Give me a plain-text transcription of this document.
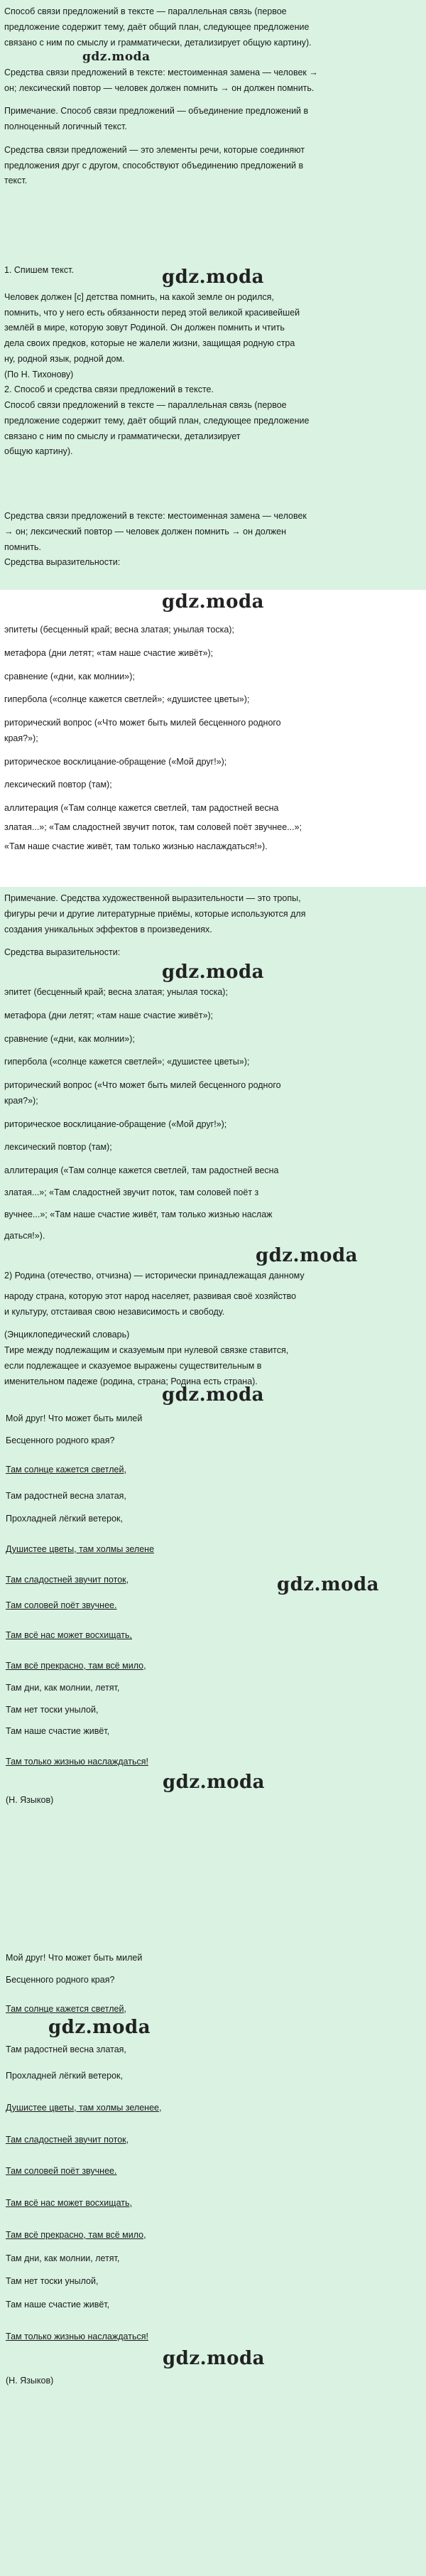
Способ связи предложений в тексте — параллельная связь (первое
предложение содержит тему, даёт общий план, следующее предложение
связано с ним по смыслу и грамматически, детализирует общую картину).
gdz.moda
Средства связи предложений в тексте: местоименная замена — человек →
он; лексический повтор — человек должен помнить → он должен помнить.
Примечание. Способ связи предложений — объединение предложений в
полноценный логичный текст.
Средства связи предложений — это элементы речи, которые соединяют
предложения друг с другом, способствуют объединению предложений в
текст.
1. Спишем текст.	gdz.moda
Человек должен [с] детства помнить, на какой земле он родился,
помнить, что у него есть обязанности перед этой великой красивейшей
землёй в мире, которую зовут Родиной. Он должен помнить и чтить
дела своих предков, которые не жалели жизни, защищая родную стра
ну, родной язык, родной дом.
(По Н. Тихонову)
2. Способ и средства связи предложений в тексте.
Способ связи предложений в тексте — параллельная связь (первое
предложение содержит тему, даёт общий план, следующее предложение
связано с ним по смыслу и грамматически, детализирует
общую картину).
Средства связи предложений в тексте: местоименная замена — человек
→ он; лексический повтор — человек должен помнить → он должен
помнить.
Средства выразительности:
gdz.moda
эпитеты (бесценный край; весна златая; унылая тоска);
метафора (дни летят; «там наше счастие живёт»);
сравнение («дни, как молнии»);
гипербола («солнце кажется светлей»; «душистее цветы»);
риторический вопрос («Что может быть милей бесценного родного
края?»);
риторическое восклицание-обращение («Мой друг!»);
лексический повтор (там);
аллитерация («Там солнце кажется светлей, там радостней весна
златая...»; «Там сладостней звучит поток, там соловей поёт звучнее...»;
«Там наше счастие живёт, там только жизнью наслаждаться!»).
Примечание. Средства художественной выразительности — это тропы,
фигуры речи и другие литературные приёмы, которые используются для
создания уникальных эффектов в произведениях.
Средства выразительности:
gdz.moda
эпитет (бесценный край; весна златая; унылая тоска);
метафора (дни летят; «там наше счастие живёт»);
сравнение («дни, как молнии»);
гипербола («солнце кажется светлей»; «душистее цветы»);
риторический вопрос («Что может быть милей бесценного родного
края?»);
риторическое восклицание-обращение («Мой друг!»);
лексический повтор (там);
аллитерация («Там солнце кажется светлей, там радостней весна
златая...»; «Там сладостней звучит поток, там соловей поёт з
вучнее...»; «Там наше счастие живёт, там только жизнью наслаж
даться!»).
gdz.moda
2) Родина (отечество, отчизна) — исторически принадлежащая данному
народу страна, которую этот народ населяет, развивая своё хозяйство
и культуру, отстаивая свою независимость и свободу.
(Энциклопедический словарь)
Тире между подлежащим и сказуемым при нулевой связке ставится,
если подлежащее и сказуемое выражены существительным в
именительном падеже (родина, страна; Родина есть страна).
gdz.moda
Мой друг! Что может быть милей
Бесценного родного края?
Там солнце кажется светлей,
Там радостней весна златая,
Прохладней лёгкий ветерок,
Душистее цветы, там холмы зелене
Там сладостней звучит поток,	gdz.moda
Там соловей поёт звучнее.
Там всё нас может восхищать,
Там всё прекрасно, там всё мило,
Там дни, как молнии, летят,
Там нет тоски унылой,
Там наше счастие живёт,
Там только жизнью наслаждаться!
gdz.moda
(Н. Языков)
Мой друг! Что может быть милей
Бесценного родного края?
Там солнце кажется светлей,
gdz.moda
Там радостней весна златая,
Прохладней лёгкий ветерок,
Душистее цветы, там холмы зеленее,
Там сладостней звучит поток,
Там соловей поёт звучнее.
Там всё нас может восхищать,
Там всё прекрасно, там всё мило,
Там дни, как молнии, летят,
Там нет тоски унылой,
Там наше счастие живёт,
Там только жизнью наслаждаться!
gdz.moda
(Н. Языков)
